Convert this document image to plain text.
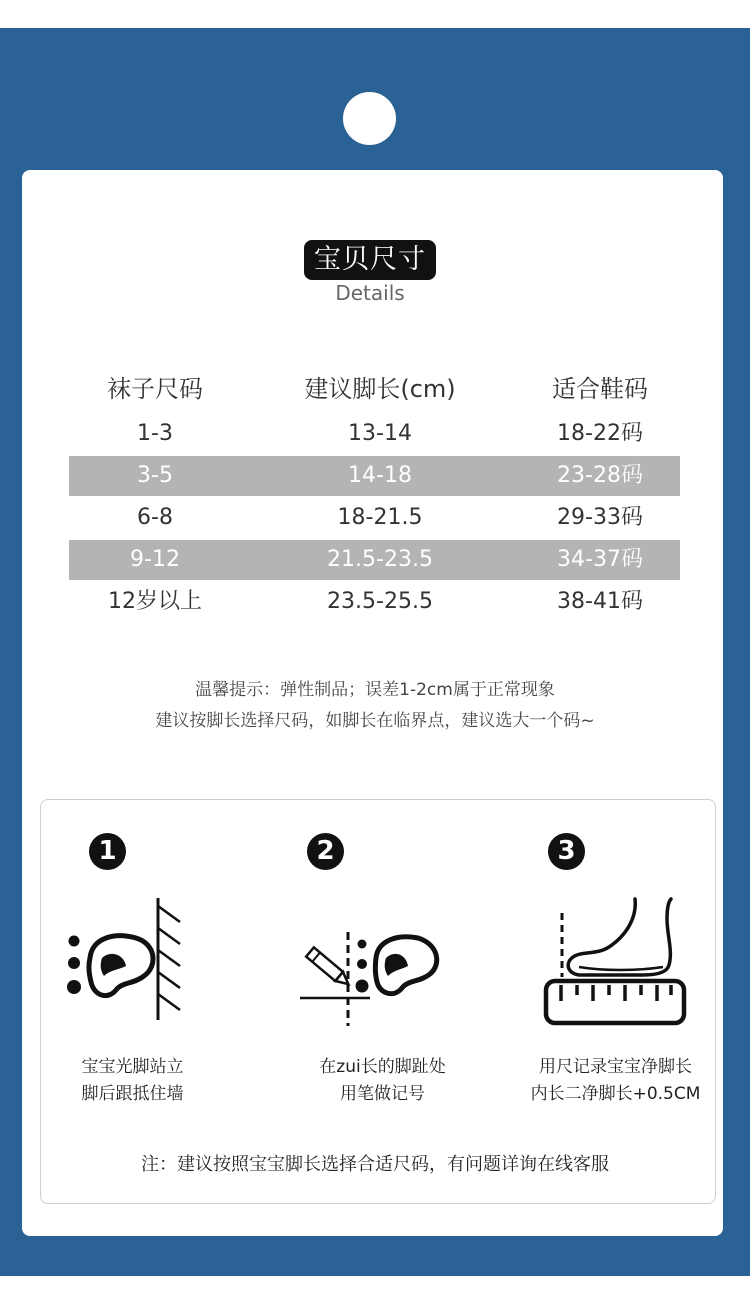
宝贝尺寸
Details
袜子尺码	建议脚长(cm)	适合鞋码
1-3	13-14	18-22码
3-5	14-18	23-28码
6-8	18-21.5	29-33码
9-12	21.5-23.5	34-37码
12岁以上	23.5-25.5	38-41码
温馨提示：弹性制品；误差1-2cm属于正常现象
建议按脚长选择尺码，如脚长在临界点，建议选大一个码~
1
宝宝光脚站立
脚后跟抵住墙
2
在zui长的脚趾处
用笔做记号
3
用尺记录宝宝净脚长
内长二净脚长+0.5CM
注：建议按照宝宝脚长选择合适尺码，有问题详询在线客服
